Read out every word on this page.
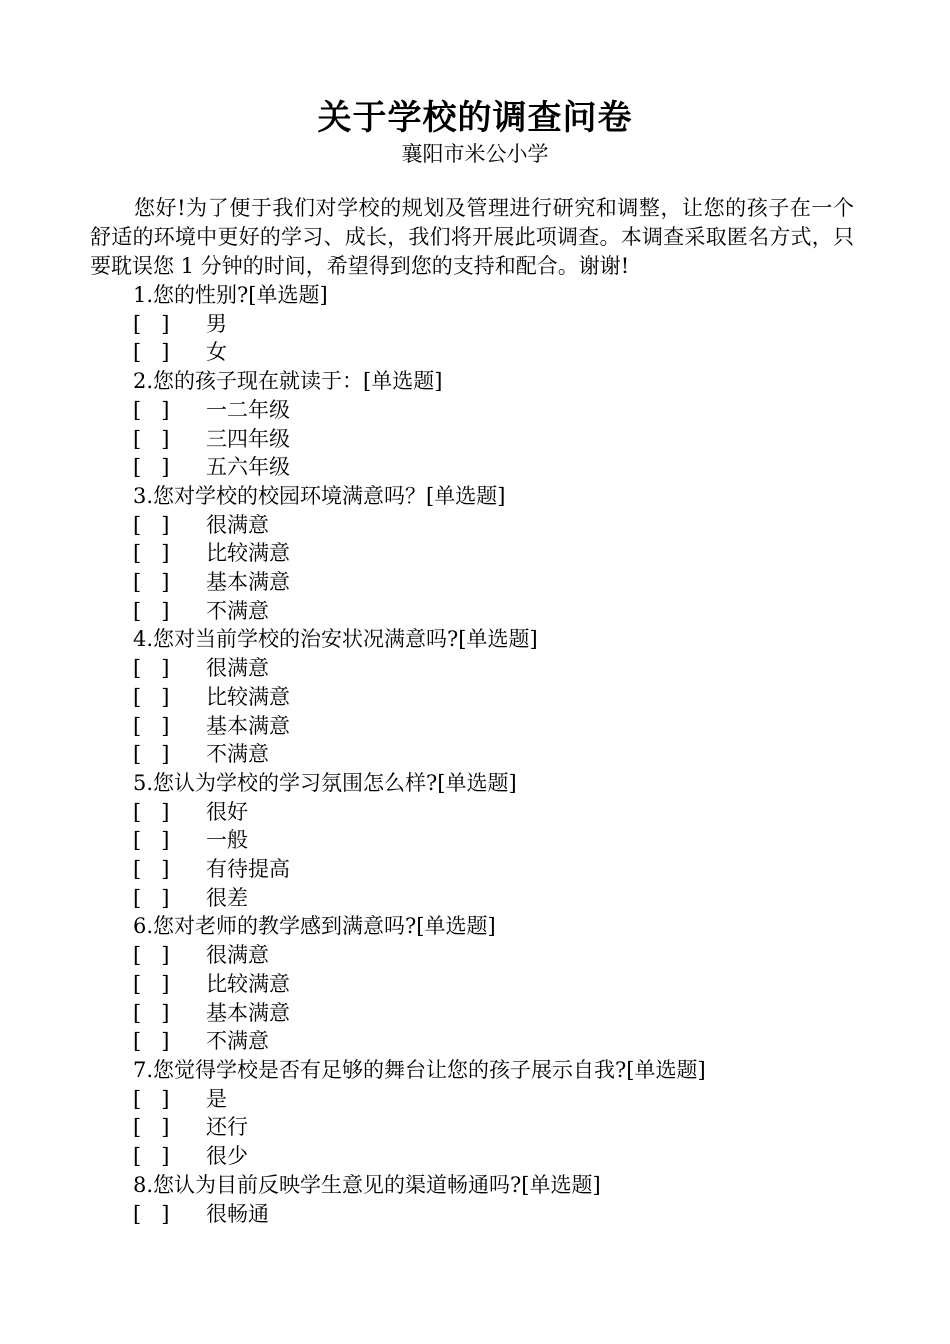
关于学校的调查问卷
襄阳市米公小学

您好!为了便于我们对学校的规划及管理进行研究和调整，让您的孩子在一个舒适的环境中更好的学习、成长，我们将开展此项调查。本调查采取匿名方式，只要耽误您 1 分钟的时间，希望得到您的支持和配合。谢谢!

1.您的性别?[单选题]
[   ]	男
[   ]	女
2.您的孩子现在就读于：[单选题]
[   ]	一二年级
[   ]	三四年级
[   ]	五六年级
3.您对学校的校园环境满意吗？[单选题]
[   ]	很满意
[   ]	比较满意
[   ]	基本满意
[   ]	不满意
4.您对当前学校的治安状况满意吗?[单选题]
[   ]	很满意
[   ]	比较满意
[   ]	基本满意
[   ]	不满意
5.您认为学校的学习氛围怎么样?[单选题]
[   ]	很好
[   ]	一般
[   ]	有待提高
[   ]	很差
6.您对老师的教学感到满意吗?[单选题]
[   ]	很满意
[   ]	比较满意
[   ]	基本满意
[   ]	不满意
7.您觉得学校是否有足够的舞台让您的孩子展示自我?[单选题]
[   ]	是
[   ]	还行
[   ]	很少
8.您认为目前反映学生意见的渠道畅通吗?[单选题]
[   ]	很畅通
